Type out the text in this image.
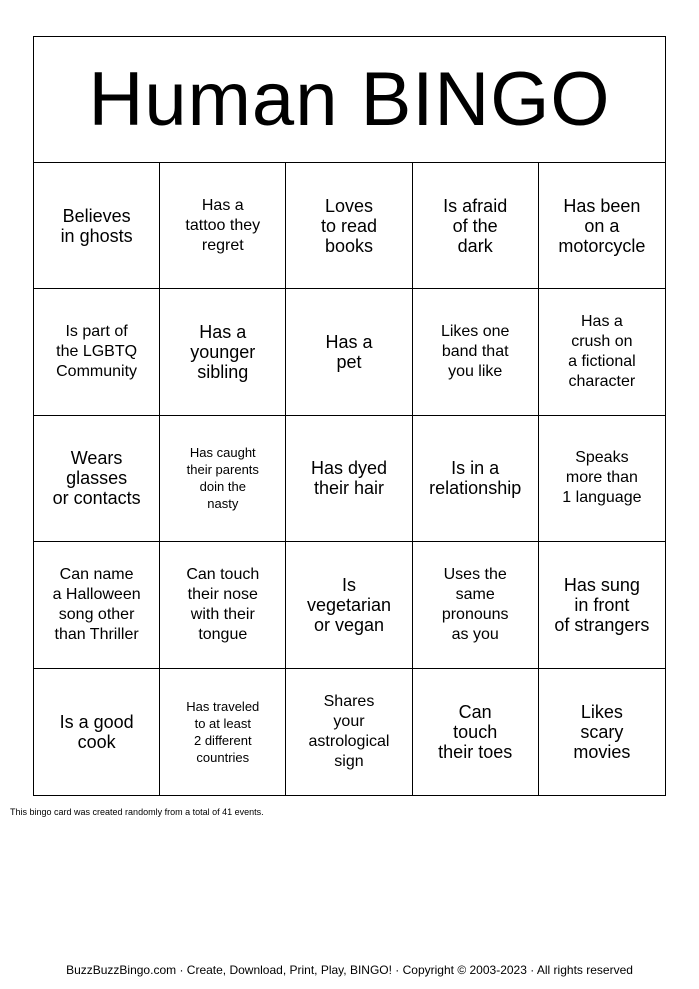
Human BINGO
Believes
in ghosts
Has a
tattoo they
regret
Loves
to read
books
Is afraid
of the
dark
Has been
on a
motorcycle
Is part of
the LGBTQ
Community
Has a
younger
sibling
Has a
pet
Likes one
band that
you like
Has a
crush on
a fictional
character
Wears
glasses
or contacts
Has caught
their parents
doin the
nasty
Has dyed
their hair
Is in a
relationship
Speaks
more than
1 language
Can name
a Halloween
song other
than Thriller
Can touch
their nose
with their
tongue
Is
vegetarian
or vegan
Uses the
same
pronouns
as you
Has sung
in front
of strangers
Is a good
cook
Has traveled
to at least
2 different
countries
Shares
your
astrological
sign
Can
touch
their toes
Likes
scary
movies
This bingo card was created randomly from a total of 41 events.
BuzzBuzzBingo.com · Create, Download, Print, Play, BINGO! · Copyright © 2003-2023 · All rights reserved
